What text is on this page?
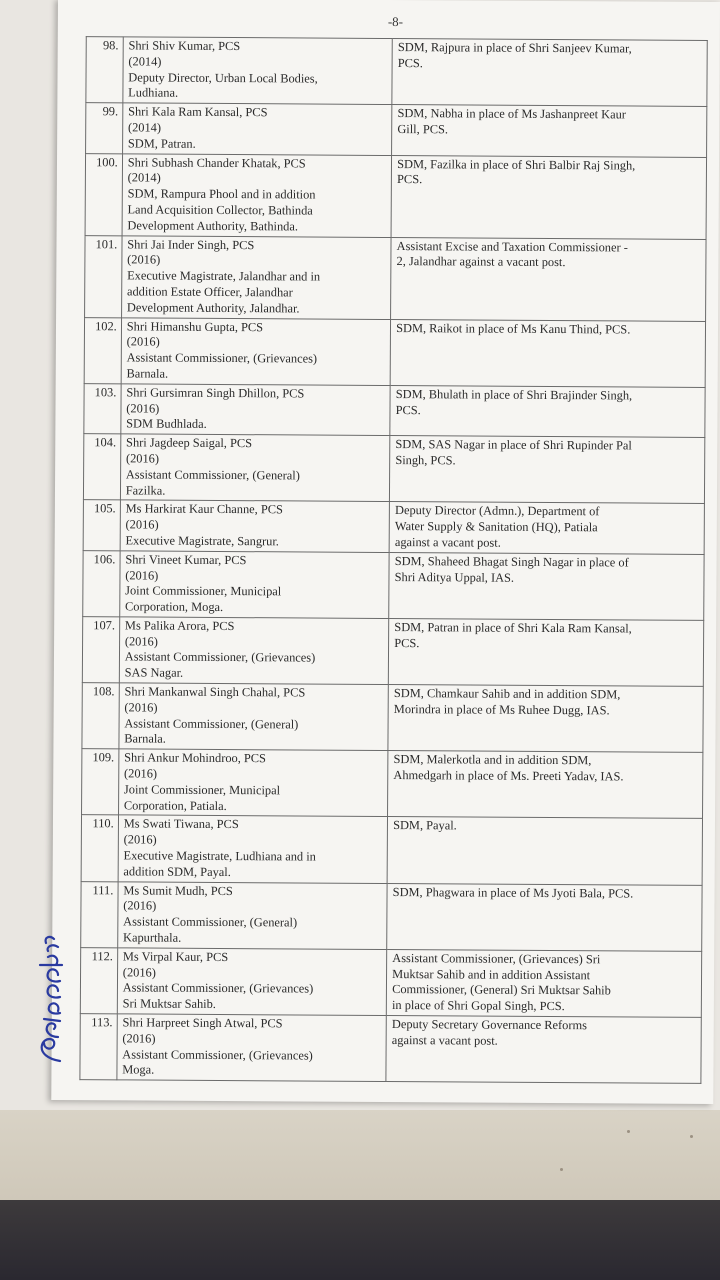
-8-
98.	Shri Shiv Kumar, PCS
(2014)
Deputy Director, Urban Local Bodies,
Ludhiana.	SDM, Rajpura in place of Shri Sanjeev Kumar,
PCS.

99.	Shri Kala Ram Kansal, PCS
(2014)
SDM, Patran.	SDM, Nabha in place of Ms Jashanpreet Kaur
Gill, PCS.

100.	Shri Subhash Chander Khatak, PCS
(2014)
SDM, Rampura Phool and in addition
Land Acquisition Collector, Bathinda
Development Authority, Bathinda.	SDM, Fazilka in place of Shri Balbir Raj Singh,
PCS.

101.	Shri Jai Inder Singh, PCS
(2016)
Executive Magistrate, Jalandhar and in
addition Estate Officer, Jalandhar
Development Authority, Jalandhar.	Assistant Excise and Taxation Commissioner -
2, Jalandhar against a vacant post.

102.	Shri Himanshu Gupta, PCS
(2016)
Assistant Commissioner, (Grievances)
Barnala.	SDM, Raikot in place of Ms Kanu Thind, PCS.

103.	Shri Gursimran Singh Dhillon, PCS
(2016)
SDM Budhlada.	SDM, Bhulath in place of Shri Brajinder Singh,
PCS.

104.	Shri Jagdeep Saigal, PCS
(2016)
Assistant Commissioner, (General)
Fazilka.	SDM, SAS Nagar in place of Shri Rupinder Pal
Singh, PCS.

105.	Ms Harkirat Kaur Channe, PCS
(2016)
Executive Magistrate, Sangrur.	Deputy Director (Admn.), Department of
Water Supply & Sanitation (HQ), Patiala
against a vacant post.

106.	Shri Vineet Kumar, PCS
(2016)
Joint Commissioner, Municipal
Corporation, Moga.	SDM, Shaheed Bhagat Singh Nagar in place of
Shri Aditya Uppal, IAS.

107.	Ms Palika Arora, PCS
(2016)
Assistant Commissioner, (Grievances)
SAS Nagar.	SDM, Patran in place of Shri Kala Ram Kansal,
PCS.

108.	Shri Mankanwal Singh Chahal, PCS
(2016)
Assistant Commissioner, (General)
Barnala.	SDM, Chamkaur Sahib and in addition SDM,
Morindra in place of Ms Ruhee Dugg, IAS.

109.	Shri Ankur Mohindroo, PCS
(2016)
Joint Commissioner, Municipal
Corporation, Patiala.	SDM, Malerkotla and in addition SDM,
Ahmedgarh in place of Ms. Preeti Yadav, IAS.

110.	Ms Swati Tiwana, PCS
(2016)
Executive Magistrate, Ludhiana and in
addition SDM, Payal.	SDM, Payal.

111.	Ms Sumit Mudh, PCS
(2016)
Assistant Commissioner, (General)
Kapurthala.	SDM, Phagwara in place of Ms Jyoti Bala, PCS.

112.	Ms Virpal Kaur, PCS
(2016)
Assistant Commissioner, (Grievances)
Sri Muktsar Sahib.	Assistant Commissioner, (Grievances) Sri
Muktsar Sahib and in addition Assistant
Commissioner, (General) Sri Muktsar Sahib
in place of Shri Gopal Singh, PCS.

113.	Shri Harpreet Singh Atwal, PCS
(2016)
Assistant Commissioner, (Grievances)
Moga.	Deputy Secretary Governance Reforms
against a vacant post.
